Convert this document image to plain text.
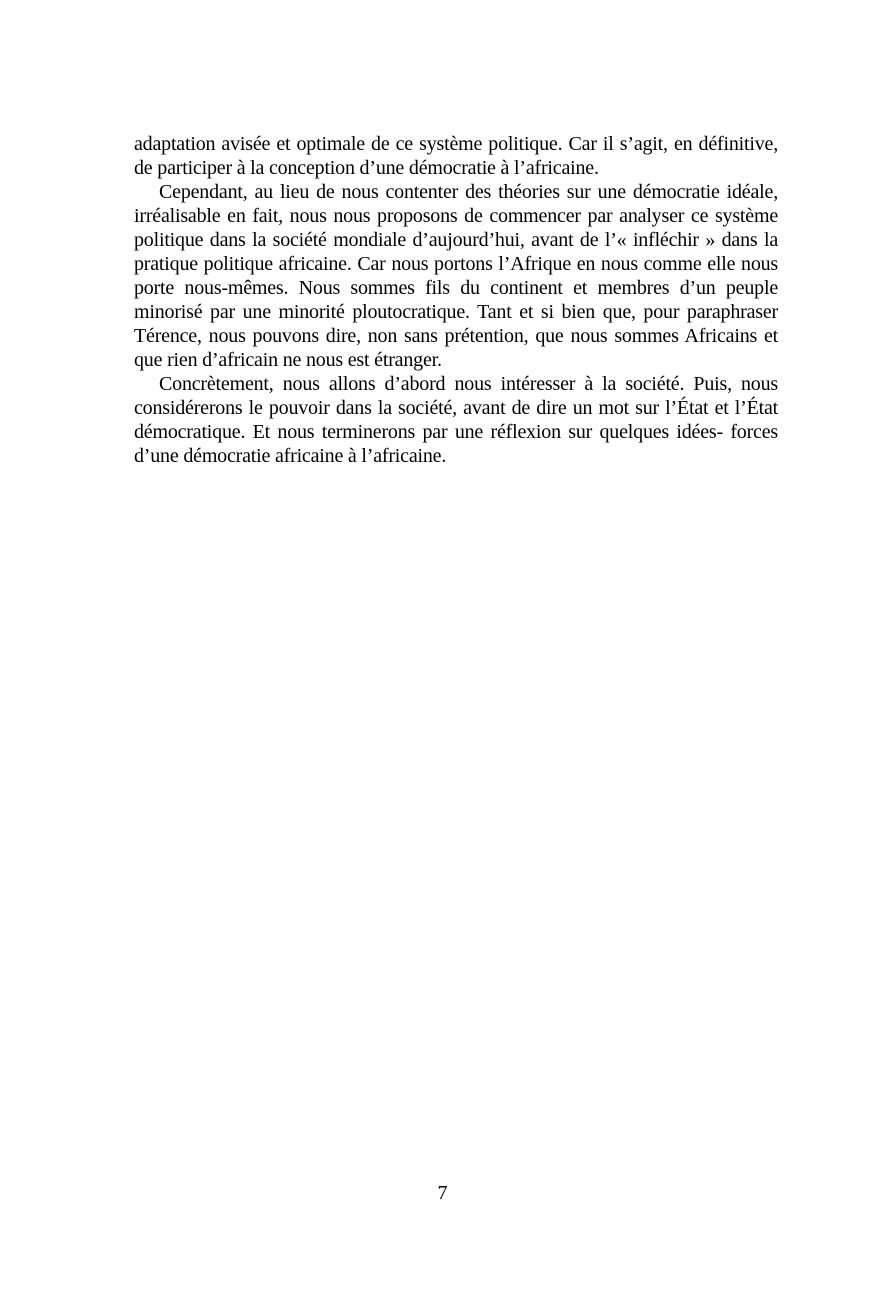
adaptation avisée et optimale de ce système politique. Car il s’agit, en définitive, de participer à la conception d’une démocratie à l’africaine.

Cependant, au lieu de nous contenter des théories sur une démocratie idéale, irréalisable en fait, nous nous proposons de commencer par analyser ce système politique dans la société mondiale d’aujourd’hui, avant de l’« infléchir » dans la pratique politique africaine. Car nous portons l’Afrique en nous comme elle nous porte nous-mêmes. Nous sommes fils du continent et membres d’un peuple minorisé par une minorité ploutocratique. Tant et si bien que, pour paraphraser Térence, nous pouvons dire, non sans prétention, que nous sommes Africains et que rien d’africain ne nous est étranger.

Concrètement, nous allons d’abord nous intéresser à la société. Puis, nous considérerons le pouvoir dans la société, avant de dire un mot sur l’État et l’État démocratique. Et nous terminerons par une réflexion sur quelques idées- forces d’une démocratie africaine à l’africaine.

7
